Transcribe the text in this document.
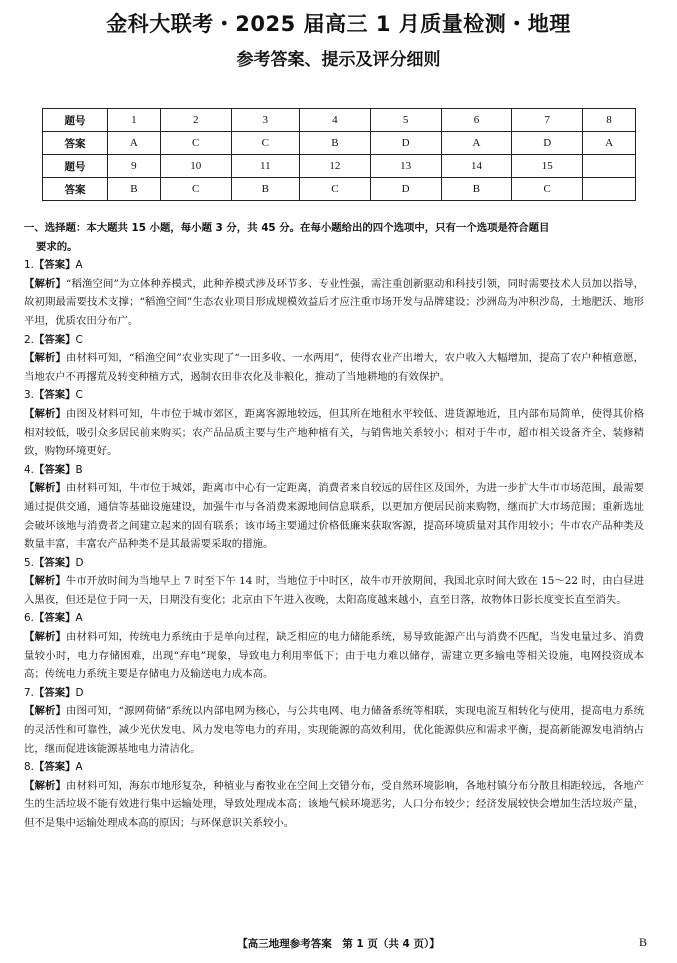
金科大联考・2025 届高三 1 月质量检测・地理
参考答案、提示及评分细则
题号	1	2	3	4	5	6	7	8
答案	A	C	C	B	D	A	D	A
题号	9	10	11	12	13	14	15	
答案	B	C	B	C	D	B	C	
一、选择题：本大题共 15 小题，每小题 3 分，共 45 分。在每小题给出的四个选项中，只有一个选项是符合题目
要求的。
1.【答案】A
【解析】“稻渔空间”为立体种养模式，此种养模式涉及环节多、专业性强，需注重创新驱动和科技引领，同时需要技术人员加以指导，故初期最需要技术支撑；“稻渔空间”生态农业项目形成规模效益后才应注重市场开发与品牌建设；沙洲岛为冲积沙岛，土地肥沃、地形平坦，优质农田分布广。
2.【答案】C
【解析】由材料可知，“稻渔空间”农业实现了“一田多收、一水两用”，使得农业产出增大，农户收入大幅增加，提高了农户种植意愿，当地农户不再撂荒及转变种植方式，遏制农田非农化及非粮化，推动了当地耕地的有效保护。
3.【答案】C
【解析】由图及材料可知，牛市位于城市郊区，距离客源地较远，但其所在地租水平较低、进货源地近，且内部布局简单，使得其价格相对较低，吸引众多居民前来购买；农产品品质主要与生产地种植有关，与销售地关系较小；相对于牛市，超市相关设备齐全、装修精致，购物环境更好。
4.【答案】B
【解析】由材料可知，牛市位于城郊，距离市中心有一定距离，消费者来自较远的居住区及国外，为进一步扩大牛市市场范围，最需要通过提供交通，通信等基础设施建设，加强牛市与各消费来源地间信息联系，以更加方便居民前来购物，继而扩大市场范围；重新选址会破坏该地与消费者之间建立起来的固有联系；该市场主要通过价格低廉来获取客源，提高环境质量对其作用较小；牛市农产品种类及数量丰富，丰富农产品种类不是其最需要采取的措施。
5.【答案】D
【解析】牛市开放时间为当地早上 7 时至下午 14 时，当地位于中时区，故牛市开放期间，我国北京时间大致在 15～22 时，由白昼进入黑夜，但还是位于同一天，日期没有变化；北京由下午进入夜晚，太阳高度越来越小，直至日落，故物体日影长度变长直至消失。
6.【答案】A
【解析】由材料可知，传统电力系统由于是单向过程，缺乏相应的电力储能系统，易导致能源产出与消费不匹配，当发电量过多、消费量较小时，电力存储困难，出现“弃电”现象，导致电力利用率低下；由于电力难以储存，需建立更多输电等相关设施，电网投资成本高；传统电力系统主要是存储电力及输送电力成本高。
7.【答案】D
【解析】由图可知，“源网荷储”系统以内部电网为核心，与公共电网、电力储备系统等相联，实现电流互相转化与使用，提高电力系统的灵活性和可靠性，减少光伏发电、风力发电等电力的弃用，实现能源的高效利用，优化能源供应和需求平衡，提高新能源发电消纳占比，继而促进该能源基地电力清洁化。
8.【答案】A
【解析】由材料可知，海东市地形复杂，种植业与畜牧业在空间上交错分布，受自然环境影响，各地村镇分布分散且相距较远，各地产生的生活垃圾不能有效进行集中运输处理，导致处理成本高；该地气候环境恶劣，人口分布较少；经济发展较快会增加生活垃圾产量，但不是集中运输处理成本高的原因；与环保意识关系较小。
【高三地理参考答案　第 1 页（共 4 页）】	B
